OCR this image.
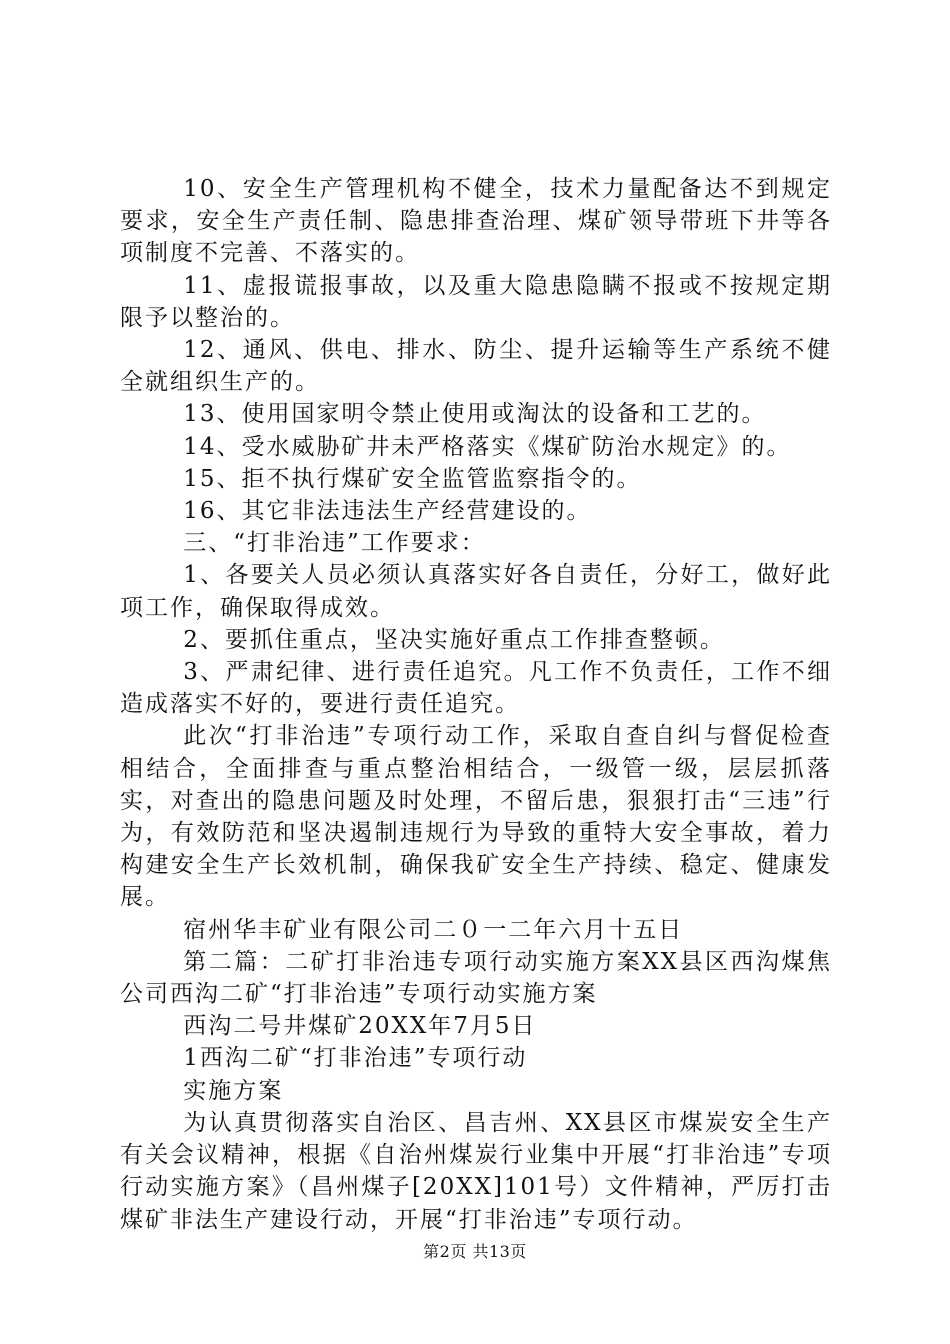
10、安全生产管理机构不健全，技术力量配备达不到规定要求，安全生产责任制、隐患排查治理、煤矿领导带班下井等各项制度不完善、不落实的。

11、虚报谎报事故，以及重大隐患隐瞒不报或不按规定期限予以整治的。

12、通风、供电、排水、防尘、提升运输等生产系统不健全就组织生产的。

13、使用国家明令禁止使用或淘汰的设备和工艺的。

14、受水威胁矿井未严格落实《煤矿防治水规定》的。

15、拒不执行煤矿安全监管监察指令的。

16、其它非法违法生产经营建设的。

三、“打非治违”工作要求：

1、各要关人员必须认真落实好各自责任，分好工，做好此项工作，确保取得成效。

2、要抓住重点，坚决实施好重点工作排查整顿。

3、严肃纪律、进行责任追究。凡工作不负责任，工作不细造成落实不好的，要进行责任追究。

此次“打非治违”专项行动工作，采取自查自纠与督促检查相结合，全面排查与重点整治相结合，一级管一级，层层抓落实，对查出的隐患问题及时处理，不留后患，狠狠打击“三违”行为，有效防范和坚决遏制违规行为导致的重特大安全事故，着力构建安全生产长效机制，确保我矿安全生产持续、稳定、健康发展。

宿州华丰矿业有限公司二０一二年六月十五日

第二篇：二矿打非治违专项行动实施方案XX县区西沟煤焦公司西沟二矿“打非治违”专项行动实施方案

西沟二号井煤矿20XX年7月5日

1西沟二矿“打非治违”专项行动

实施方案

为认真贯彻落实自治区、昌吉州、XX县区市煤炭安全生产有关会议精神，根据《自治州煤炭行业集中开展“打非治违”专项行动实施方案》（昌州煤子[20XX]101号）文件精神，严厉打击煤矿非法生产建设行动，开展“打非治违”专项行动。

第2页 共13页
